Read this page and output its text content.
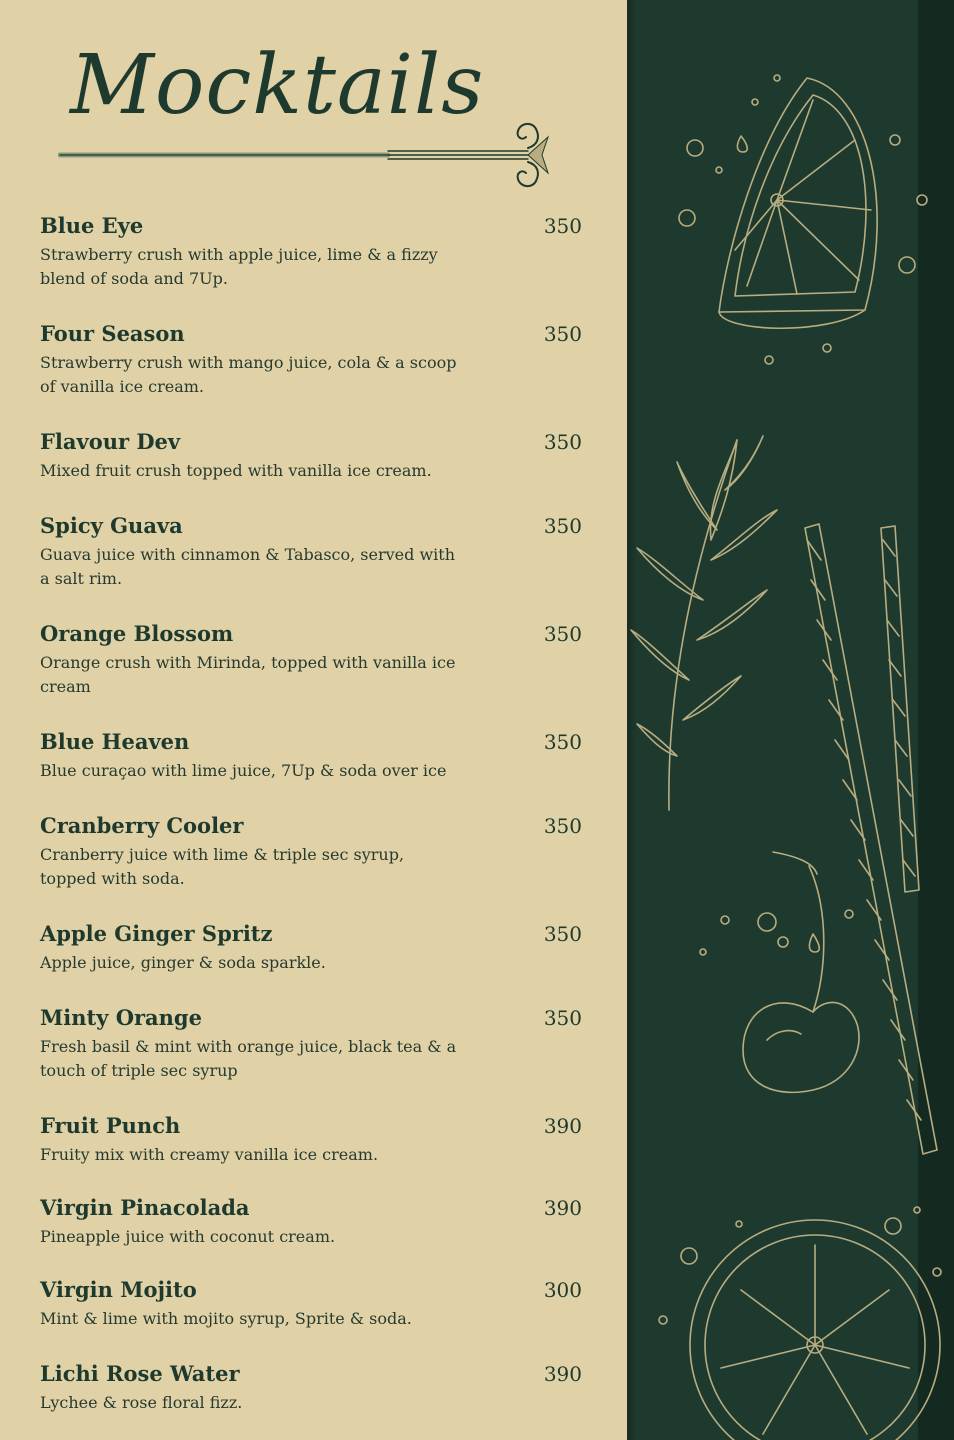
Mocktails
Blue Eye	350
Strawberry crush with apple juice, lime & a fizzy blend of soda and 7Up.
Four Season	350
Strawberry crush with mango juice, cola & a scoop of vanilla ice cream.
Flavour Dev	350
Mixed fruit crush topped with vanilla ice cream.
Spicy Guava	350
Guava juice with cinnamon & Tabasco, served with a salt rim.
Orange Blossom	350
Orange crush with Mirinda, topped with vanilla ice cream
Blue Heaven	350
Blue curaçao with lime juice, 7Up & soda over ice
Cranberry Cooler	350
Cranberry juice with lime & triple sec syrup, topped with soda.
Apple Ginger Spritz	350
Apple juice, ginger & soda sparkle.
Minty Orange	350
Fresh basil & mint with orange juice, black tea & a touch of triple sec syrup
Fruit Punch	390
Fruity mix with creamy vanilla ice cream.
Virgin Pinacolada	390
Pineapple juice with coconut cream.
Virgin Mojito	300
Mint & lime with mojito syrup, Sprite & soda.
Lichi Rose Water	390
Lychee & rose floral fizz.
